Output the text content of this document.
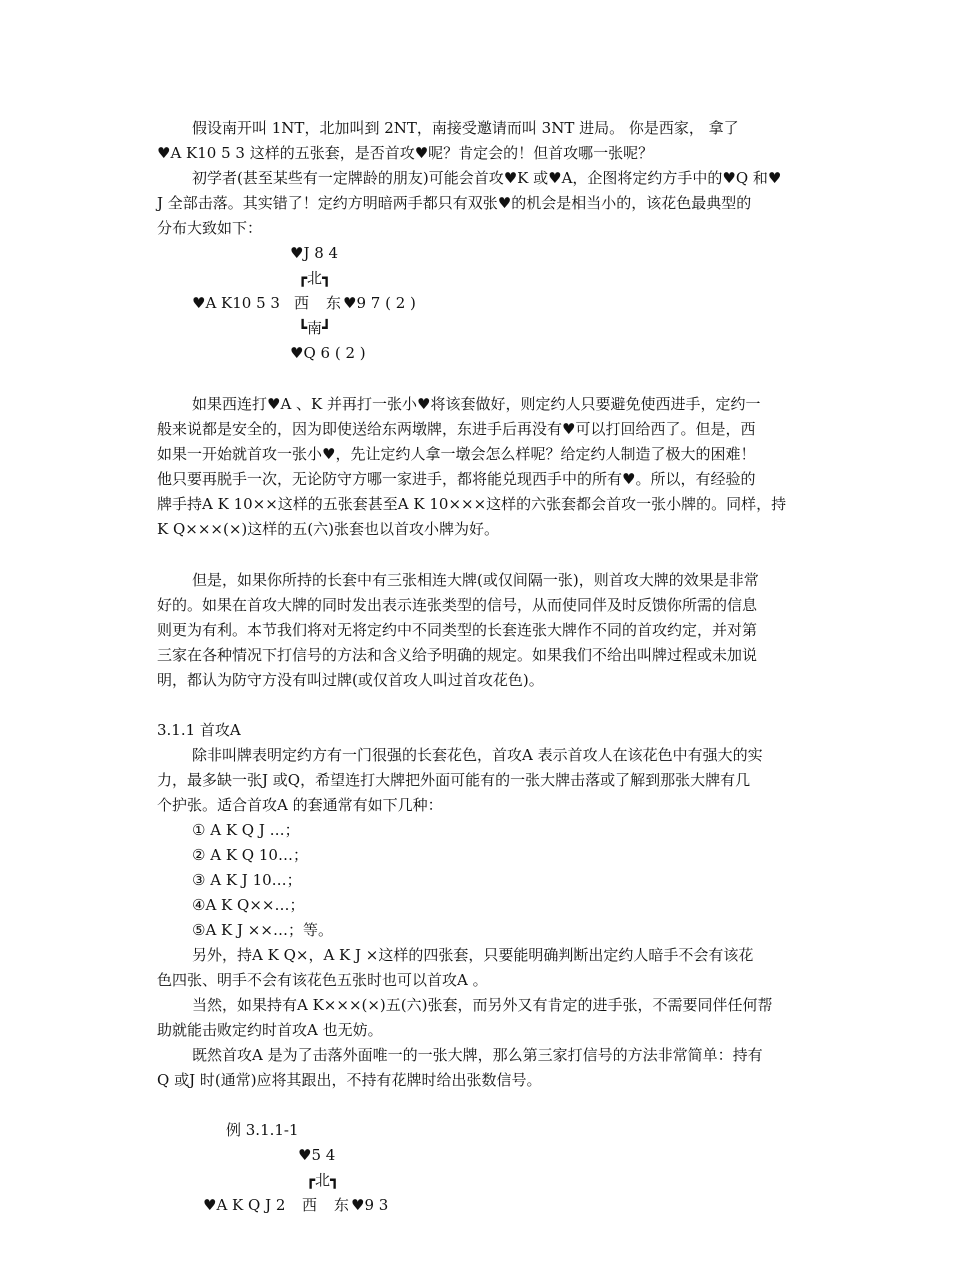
假设南开叫 1NT，北加叫到 2NT，南接受邀请而叫 3NT 进局。 你是西家， 拿了
♥A K10 5 3 这样的五张套，是否首攻♥呢？肯定会的！但首攻哪一张呢？
初学者(甚至某些有一定牌龄的朋友)可能会首攻♥K 或♥A，企图将定约方手中的♥Q 和♥
J 全部击落。其实错了！定约方明暗两手都只有双张♥的机会是相当小的，该花色最典型的
分布大致如下：
♥J 8 4
┏北┓
♥A K10 5 3 西 东 ♥9 7 ( 2 )
┗南┛
♥Q 6 ( 2 )
如果西连打♥A 、K 并再打一张小♥将该套做好，则定约人只要避免使西进手，定约一
般来说都是安全的，因为即使送给东两墩牌，东进手后再没有♥可以打回给西了。但是，西
如果一开始就首攻一张小♥，先让定约人拿一墩会怎么样呢？给定约人制造了极大的困难！
他只要再脱手一次，无论防守方哪一家进手，都将能兑现西手中的所有♥。所以，有经验的
牌手持A K 10××这样的五张套甚至A K 10×××这样的六张套都会首攻一张小牌的。同样，持
K Q×××(×)这样的五(六)张套也以首攻小牌为好。
但是，如果你所持的长套中有三张相连大牌(或仅间隔一张)，则首攻大牌的效果是非常
好的。如果在首攻大牌的同时发出表示连张类型的信号，从而使同伴及时反馈你所需的信息
则更为有利。本节我们将对无将定约中不同类型的长套连张大牌作不同的首攻约定，并对第
三家在各种情况下打信号的方法和含义给予明确的规定。如果我们不给出叫牌过程或未加说
明，都认为防守方没有叫过牌(或仅首攻人叫过首攻花色)。
3.1.1 首攻A
除非叫牌表明定约方有一门很强的长套花色，首攻A 表示首攻人在该花色中有强大的实
力，最多缺一张J 或Q，希望连打大牌把外面可能有的一张大牌击落或了解到那张大牌有几
个护张。适合首攻A 的套通常有如下几种：
① A K Q J …；
② A K Q 10…；
③ A K J 10…；
④A K Q××…；
⑤A K J ××…；等。
另外，持A K Q×，A K J ×这样的四张套，只要能明确判断出定约人暗手不会有该花
色四张、明手不会有该花色五张时也可以首攻A 。
当然，如果持有A K×××(×)五(六)张套，而另外又有肯定的进手张，不需要同伴任何帮
助就能击败定约时首攻A 也无妨。
既然首攻A 是为了击落外面唯一的一张大牌，那么第三家打信号的方法非常简单：持有
Q 或J 时(通常)应将其跟出，不持有花牌时给出张数信号。
例 3.1.1-1
♥5 4
┏北┓
♥A K Q J 2 西 东 ♥9 3
